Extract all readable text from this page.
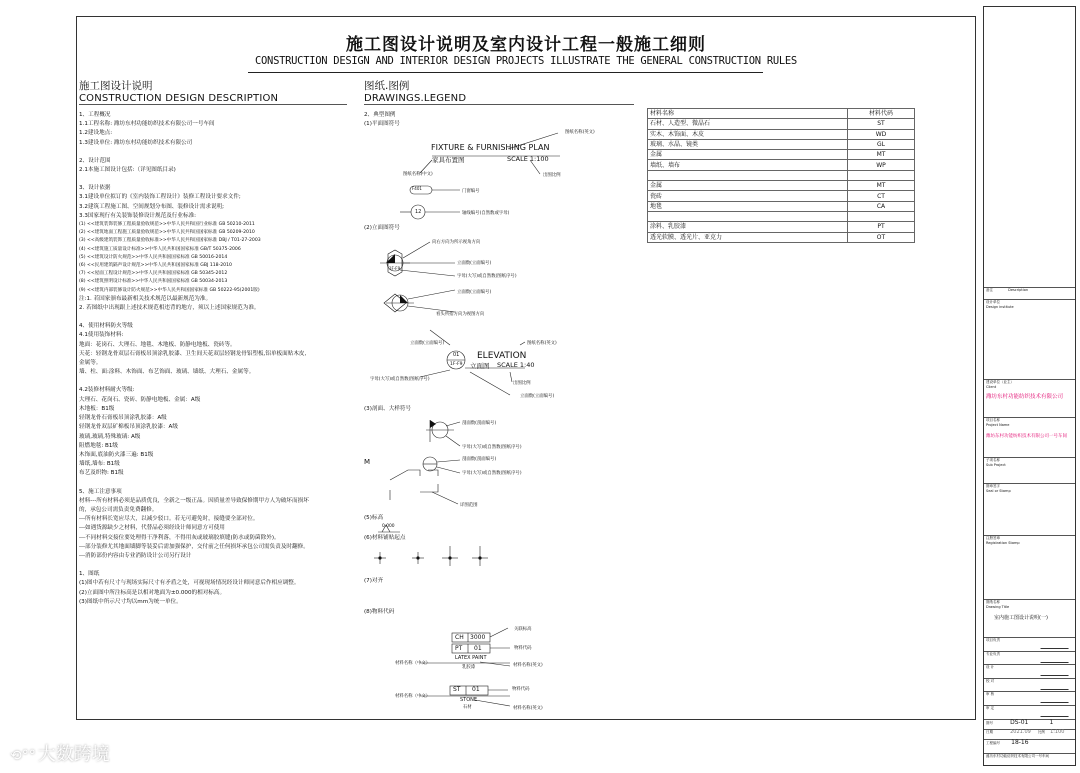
施工图设计说明及室内设计工程一般施工细则
CONSTRUCTION DESIGN AND INTERIOR DESIGN PROJECTS ILLUSTRATE THE GENERAL CONSTRUCTION RULES
施工图设计说明
CONSTRUCTION DESIGN DESCRIPTION
1、工程概况
1.1工程名称: 潍坊东村功能纺织技术有限公司一号车间
1.2建设地点:
1.3建设单位: 潍坊东村功能纺织技术有限公司
2、设计范围
2.1本施工图设计包括:（详见图纸目录)
3、设计依据
3.1建设单位拟订的《室内装饰工程设计》装修工程设计要求文件;
3.2建筑工程施工图、空间规划分布图、装修设计需求说明;
3.3国家现行有关装饰装修设计规范及行业标准:
(1) <<建筑装饰装修工程质量验收规范>>中华人民共和国行业标准 GB 50210-2011
(2) <<建筑地面工程施工质量验收规范>>中华人民共和国国家标准 GB 50209-2010
(3) <<高级建筑装饰工程质量验收标准>>中华人民共和国国家标准 DBJ / T01-27-2003
(4) <<建筑施工质量设计标准>>中华人民共和国国家标准 GB/T 50375-2006
(5) <<建筑设计防火规范>>中华人民共和国国家标准 GB 50016-2014
(6) <<民用建筑隔声设计规范>>中华人民共和国国家标准 GBJ 118-2010
(7) <<屋面工程设计规范>>中华人民共和国国家标准 GB 50345-2012
(8) <<建筑照明设计标准>>中华人民共和国国家标准 GB 50034-2013
(9) <<建筑内部装修设计防火规范>>中华人民共和国国家标准 GB 50222-95(2001版)
注:1. 若国家颁布最新相关技术规范以最新规范为准。
2. 若图纸中出现跟上述技术规范相违背的地方，须以上述国家规范为准。
4、使用材料防火等级
4.1使用装饰材料:
地面：花岗石、大理石、地毯、木地板、防静电地板、瓷砖等。
天花：轻钢龙骨双层石膏板吊顶涂乳胶漆、卫生间天花双层轻钢龙骨铝塑板,铝单板面贴木皮,
金属等。
墙、柱、面:涂料、木饰面、布艺饰面、玻璃、墙纸、大理石、金属等。
4.2装修材料耐火等级:
大理石、花岗石、瓷砖、防静电地板、金属：A级
木地板：B1级
轻钢龙骨石膏板吊顶涂乳胶漆：A级
轻钢龙骨双层矿棉板吊顶涂乳胶漆：A级
玻璃,玻璃,特殊玻璃: A级
阻燃地毯: B1级
木饰面,底油防火漆三遍: B1级
墙纸,墙布: B1级
布艺及织物: B1级
5、施工注意事项
材料---所有材料必须是品质优良，全新之一级正品。因质量差导致保修期甲方人为破坏而损坏
的，承包公司需负责免费翻修。
---所有材料长宽应尽大，以减少驳口。若无可避免时，接缝要全部对位。
---如遇货源缺少之材料，代替品必须经设计师同意方可使用
---不同材料交接位要处理得干净利落，不得用灰或玻璃胶填缝(防水或防菌除外)。
---部分装修尤其地面墙脚等装妥后需加强保护，交付前之任何损坏承包公司需负责及时翻修。
---消防部份内容由专业消防设计公司另行设计
1、图纸
(1)图中若有尺寸与现场实际尺寸有矛盾之处，可视现场情况经设计师同意后作相应调整。
(2)立面图中所注标高是以相对地面为±0.000的相对标高。
(3)图纸中所示尺寸均以mm为统一单位。
图纸.图例
DRAWINGS.LEGEND
2、典型图例
(1)平面图符号
FIXTURE & FURNISHING PLAN
家具布置图	SCALE 1:100
图纸名称(英文)
图纸名称(中文)	出图比例
F401
门窗编号
12	轴线编号(自然数或字母)
(2)立面图符号
向右方向为所示视角方向
立面数(立面编号)
字母(大写)或自然数(图纸序号)
A
1F-F9
立面数(立面编号)
看头所指方向为视图方向
立面数(立面编号)
01
1F-F9
ELEVATION
立面图 SCALE 1:40
图纸名称(英文)
出图比例
字母(大写)或自然数(图纸序号)
立面数(立面编号)
(3)剖面、大样符号
剖面数(剖面编号)
字母(大写)或自然数(图纸序号)
M	剖面数(剖面编号)
字母(大写)或自然数(图纸序号)
详图范围
(5)标高
0.000
(6)材料铺贴起点
(7)对齐
(8)物料代码
CH 3000
关联标高
PT 01	物料代码
LATEX PAINT
乳胶漆
材料名称（中文）	材料名称(英文)
ST 01	物料代码
STONE
石材
材料名称（中文）
材料名称(英文)
材料名称	材料代码
石材、人造型、微晶石	ST
实木、木饰面、木皮	WD
玻璃、水晶、镜类	GL
金属	MT
墙纸、墙布	WP

金属	MT
瓷砖	CT
地毯	CA

涂料、乳胶漆	PT
透光软膜、透光片、亚克力	OT
备注	Description
设计单位
Design institute
建设单位（业主）
Client
潍坊东村功能纺织技术有限公司
项目名称
Project Name
潍坊东村功能纺织技术有限公司一号车间
子项名称
Sub Project
图章签字
Seal or Stamp
注册签章
Registration Stamp
图纸名称
Drawing Title
室内施工图设计说明(一)
项目负责
专业负责
设 计
校 对
审 核
审 定
图号	DS-01	1
日期	2021.09 比例 1:100
工程编号 18-16
潍坊东村功能纺织技术有限公司一号车间
⟲°° 大数跨境
